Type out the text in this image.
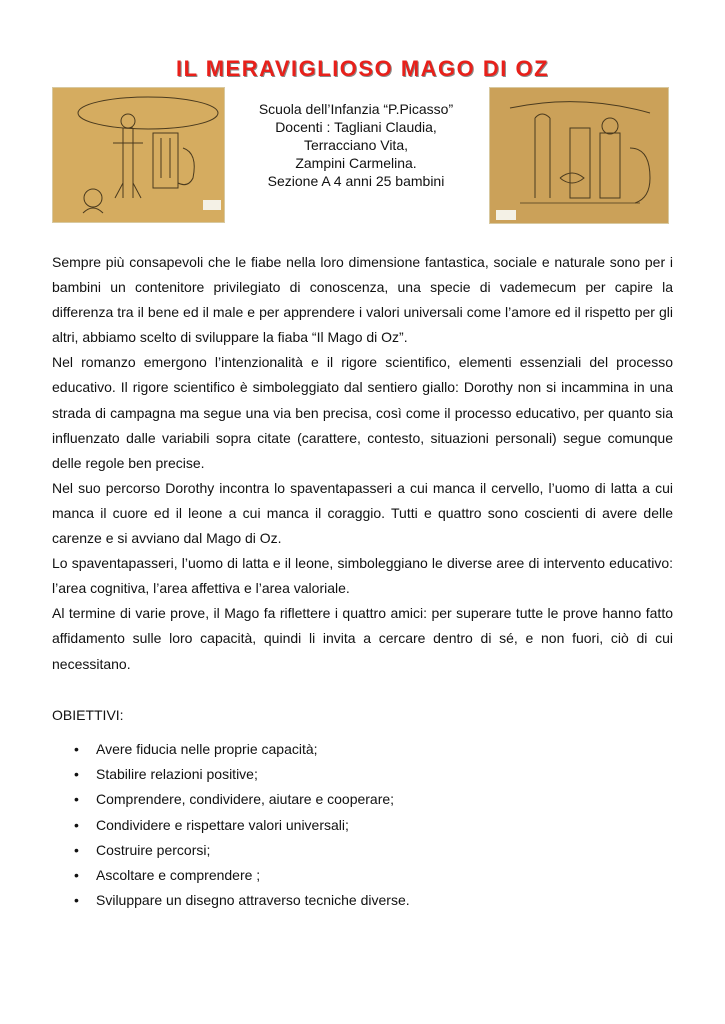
IL MERAVIGLIOSO MAGO DI OZ
Scuola dell’Infanzia “P.Picasso”
Docenti : Tagliani Claudia,
Terracciano Vita,
Zampini Carmelina.
Sezione A 4 anni 25 bambini

Sempre più consapevoli che le fiabe nella loro dimensione fantastica, sociale e naturale sono per i bambini un contenitore privilegiato di conoscenza, una specie di vademecum per capire la differenza tra il bene ed il male e per apprendere i valori universali come l’amore ed il rispetto per gli altri, abbiamo scelto di sviluppare la fiaba “Il Mago di Oz”.

Nel romanzo emergono l’intenzionalità e il rigore scientifico, elementi essenziali del processo educativo. Il rigore scientifico è simboleggiato dal sentiero giallo: Dorothy non si incammina in una strada di campagna ma segue una via ben precisa, così come il processo educativo, per quanto sia influenzato dalle variabili sopra citate (carattere, contesto, situazioni personali) segue comunque delle regole ben precise.

Nel suo percorso Dorothy incontra lo spaventapasseri a cui manca il cervello, l’uomo di latta a cui manca il cuore ed il leone a cui manca il coraggio. Tutti e quattro sono coscienti di avere delle carenze e si avviano dal Mago di Oz.

Lo spaventapasseri, l’uomo di latta e il leone, simboleggiano le diverse aree di intervento educativo: l’area cognitiva, l’area affettiva e l’area valoriale.

Al termine di varie prove, il Mago fa riflettere i quattro amici: per superare tutte le prove hanno fatto affidamento sulle loro capacità, quindi li invita a cercare dentro di sé, e non fuori, ciò di cui necessitano.

OBIETTIVI:
• Avere fiducia nelle proprie capacità;
• Stabilire relazioni positive;
• Comprendere, condividere, aiutare e cooperare;
• Condividere e rispettare valori universali;
• Costruire percorsi;
• Ascoltare e comprendere ;
• Sviluppare un disegno attraverso tecniche diverse.
